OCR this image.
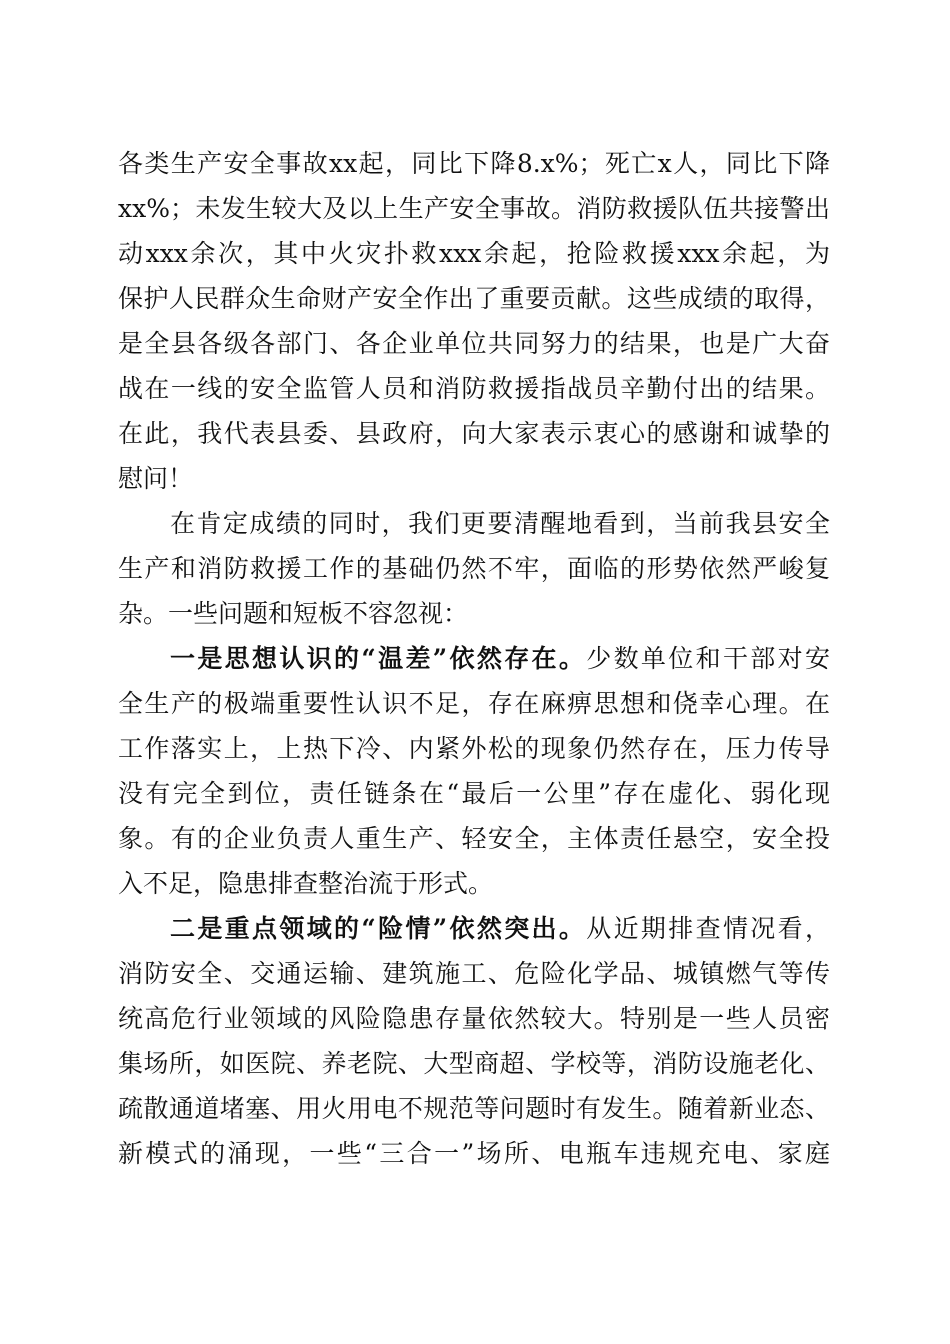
各类生产安全事故xx起，同比下降8.x%；死亡x人，同比下降
xx%；未发生较大及以上生产安全事故。消防救援队伍共接警出
动xxx余次，其中火灾扑救xxx余起，抢险救援xxx余起，为
保护人民群众生命财产安全作出了重要贡献。这些成绩的取得，
是全县各级各部门、各企业单位共同努力的结果，也是广大奋
战在一线的安全监管人员和消防救援指战员辛勤付出的结果。
在此，我代表县委、县政府，向大家表示衷心的感谢和诚挚的
慰问！
在肯定成绩的同时，我们更要清醒地看到，当前我县安全
生产和消防救援工作的基础仍然不牢，面临的形势依然严峻复
杂。一些问题和短板不容忽视：
一是思想认识的“温差”依然存在。少数单位和干部对安
全生产的极端重要性认识不足，存在麻痹思想和侥幸心理。在
工作落实上，上热下冷、内紧外松的现象仍然存在，压力传导
没有完全到位，责任链条在“最后一公里”存在虚化、弱化现
象。有的企业负责人重生产、轻安全，主体责任悬空，安全投
入不足，隐患排查整治流于形式。
二是重点领域的“险情”依然突出。从近期排查情况看，
消防安全、交通运输、建筑施工、危险化学品、城镇燃气等传
统高危行业领域的风险隐患存量依然较大。特别是一些人员密
集场所，如医院、养老院、大型商超、学校等，消防设施老化、
疏散通道堵塞、用火用电不规范等问题时有发生。随着新业态、
新模式的涌现，一些“三合一”场所、电瓶车违规充电、家庭
